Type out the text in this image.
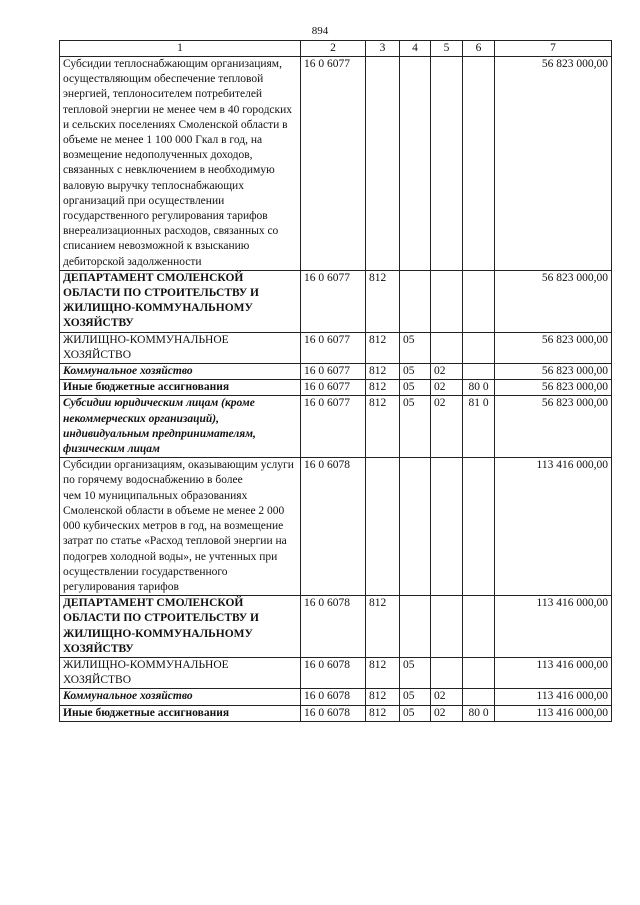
894
1	2	3	4	5	6	7
Субсидии теплоснабжающим организациям, осуществляющим обеспечение тепловой энергией, теплоносителем потребителей тепловой энергии не менее чем в 40 городских и сельских поселениях Смоленской области в объеме не менее 1 100 000 Гкал в год, на возмещение недополученных доходов, связанных с невключением в необходимую валовую выручку теплоснабжающих организаций при осуществлении государственного регулирования тарифов внереализационных расходов, связанных со списанием невозможной к взысканию дебиторской задолженности	16 0 6077					56 823 000,00
ДЕПАРТАМЕНТ СМОЛЕНСКОЙ ОБЛАСТИ ПО СТРОИТЕЛЬСТВУ И ЖИЛИЩНО-КОММУНАЛЬНОМУ ХОЗЯЙСТВУ	16 0 6077	812				56 823 000,00
ЖИЛИЩНО-КОММУНАЛЬНОЕ ХОЗЯЙСТВО	16 0 6077	812	05			56 823 000,00
Коммунальное хозяйство	16 0 6077	812	05	02		56 823 000,00
Иные бюджетные ассигнования	16 0 6077	812	05	02	80 0	56 823 000,00
Субсидии юридическим лицам (кроме некоммерческих организаций), индивидуальным предпринимателям, физическим лицам	16 0 6077	812	05	02	81 0	56 823 000,00
Субсидии организациям, оказывающим услуги по горячему водоснабжению в более
чем 10 муниципальных образованиях Смоленской области в объеме не менее 2 000 000 кубических метров в год, на возмещение затрат по статье «Расход тепловой энергии на подогрев холодной воды», не учтенных при осуществлении государственного регулирования тарифов	16 0 6078					113 416 000,00
ДЕПАРТАМЕНТ СМОЛЕНСКОЙ ОБЛАСТИ ПО СТРОИТЕЛЬСТВУ И ЖИЛИЩНО-КОММУНАЛЬНОМУ ХОЗЯЙСТВУ	16 0 6078	812				113 416 000,00
ЖИЛИЩНО-КОММУНАЛЬНОЕ ХОЗЯЙСТВО	16 0 6078	812	05			113 416 000,00
Коммунальное хозяйство	16 0 6078	812	05	02		113 416 000,00
Иные бюджетные ассигнования	16 0 6078	812	05	02	80 0	113 416 000,00
